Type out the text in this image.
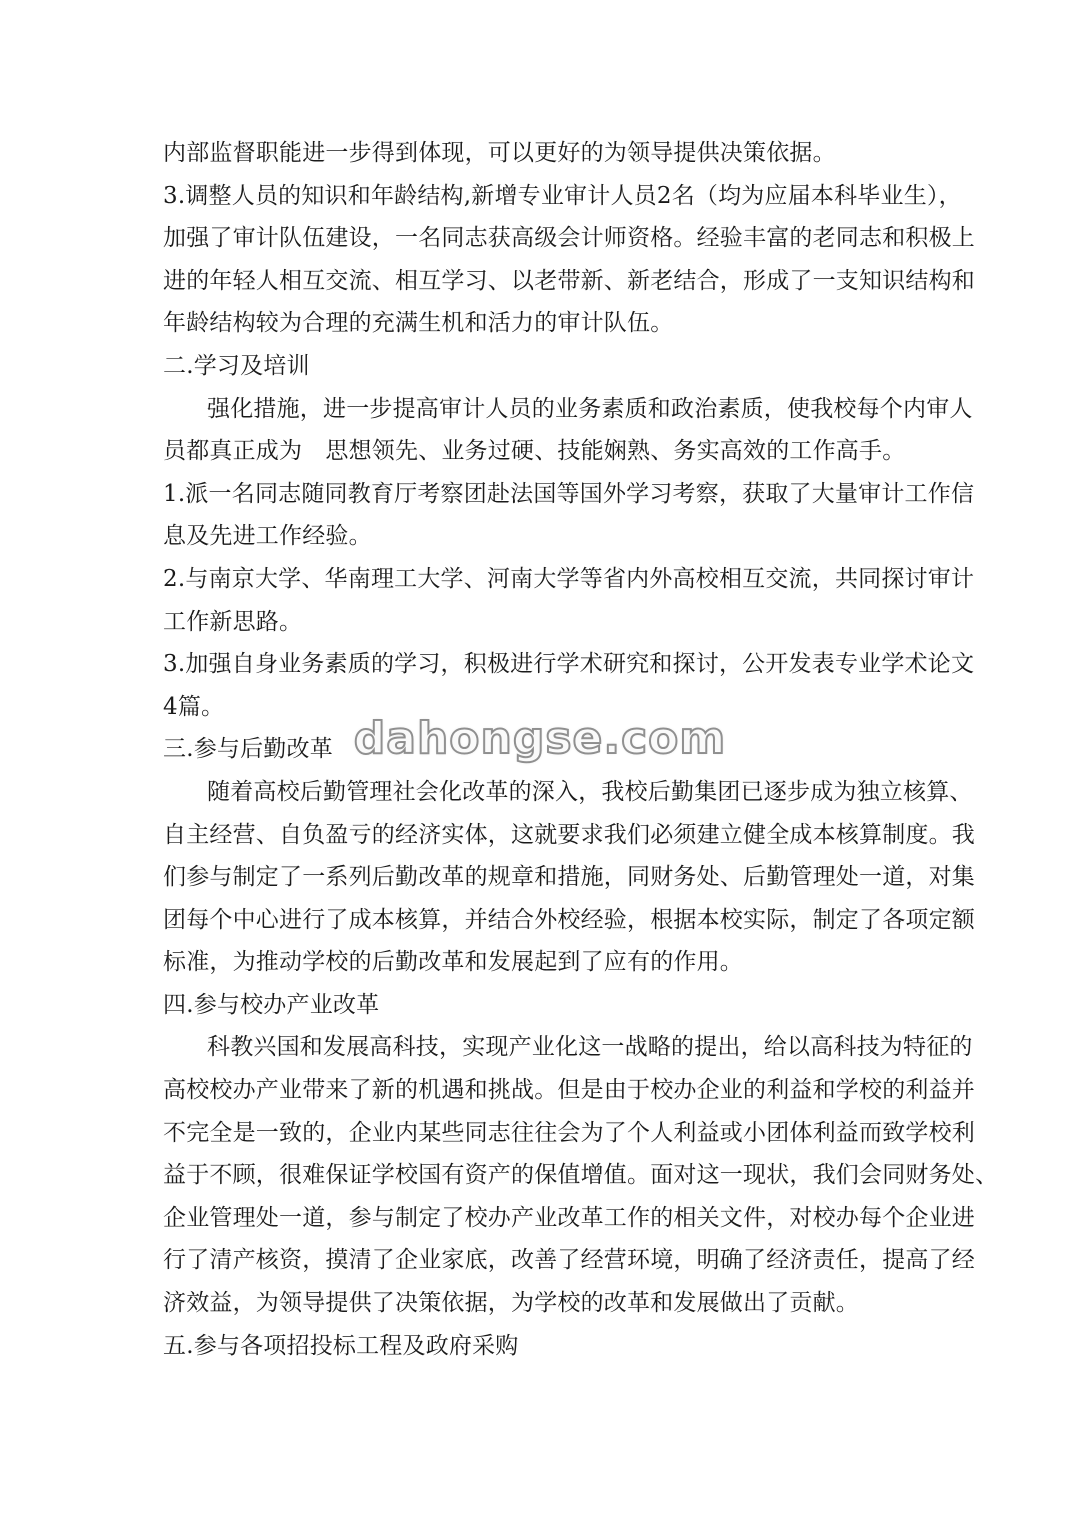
内部监督职能进一步得到体现，可以更好的为领导提供决策依据。
3.调整人员的知识和年龄结构,新增专业审计人员2名（均为应届本科毕业生），
加强了审计队伍建设，一名同志获高级会计师资格。经验丰富的老同志和积极上
进的年轻人相互交流、相互学习、以老带新、新老结合，形成了一支知识结构和
年龄结构较为合理的充满生机和活力的审计队伍。
二.学习及培训
强化措施，进一步提高审计人员的业务素质和政治素质，使我校每个内审人
员都真正成为　思想领先、业务过硬、技能娴熟、务实高效的工作高手。
1.派一名同志随同教育厅考察团赴法国等国外学习考察，获取了大量审计工作信
息及先进工作经验。
2.与南京大学、华南理工大学、河南大学等省内外高校相互交流，共同探讨审计
工作新思路。
3.加强自身业务素质的学习，积极进行学术研究和探讨，公开发表专业学术论文
4篇。
三.参与后勤改革
随着高校后勤管理社会化改革的深入，我校后勤集团已逐步成为独立核算、
自主经营、自负盈亏的经济实体，这就要求我们必须建立健全成本核算制度。我
们参与制定了一系列后勤改革的规章和措施，同财务处、后勤管理处一道，对集
团每个中心进行了成本核算，并结合外校经验，根据本校实际，制定了各项定额
标准，为推动学校的后勤改革和发展起到了应有的作用。
四.参与校办产业改革
科教兴国和发展高科技，实现产业化这一战略的提出，给以高科技为特征的
高校校办产业带来了新的机遇和挑战。但是由于校办企业的利益和学校的利益并
不完全是一致的，企业内某些同志往往会为了个人利益或小团体利益而致学校利
益于不顾，很难保证学校国有资产的保值增值。面对这一现状，我们会同财务处、
企业管理处一道，参与制定了校办产业改革工作的相关文件，对校办每个企业进
行了清产核资，摸清了企业家底，改善了经营环境，明确了经济责任，提高了经
济效益，为领导提供了决策依据，为学校的改革和发展做出了贡献。
五.参与各项招投标工程及政府采购
dahongse.com
